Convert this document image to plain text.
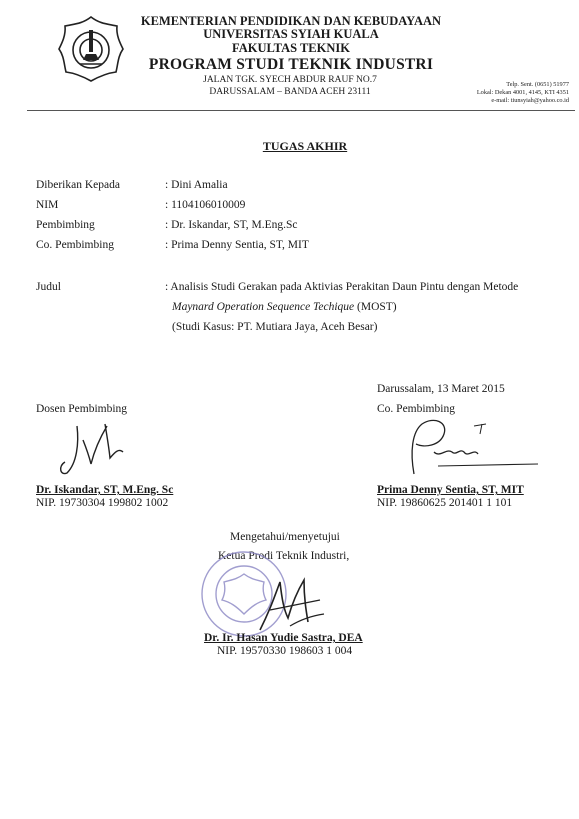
KEMENTERIAN PENDIDIKAN DAN KEBUDAYAAN
UNIVERSITAS SYIAH KUALA
FAKULTAS TEKNIK
PROGRAM STUDI TEKNIK INDUSTRI
JALAN TGK. SYECH ABDUR RAUF NO.7
DARUSSALAM – BANDA ACEH 23111
Telp. Sent. (0651) 51977
Lokal: Dekan 4001, 4145, KTI 4351
e-mail: tiunsyiah@yahoo.co.id
TUGAS AKHIR
Diberikan Kepada	: Dini Amalia
NIM	: 1104106010009
Pembimbing	: Dr. Iskandar, ST, M.Eng.Sc
Co. Pembimbing	: Prima Denny Sentia, ST, MIT
Judul	: Analisis Studi Gerakan pada Aktivias Perakitan Daun Pintu dengan Metode
Maynard Operation Sequence Techique (MOST)
(Studi Kasus: PT. Mutiara Jaya, Aceh Besar)
Darussalam, 13 Maret 2015
Dosen Pembimbing	Co. Pembimbing
Dr. Iskandar, ST, M.Eng. Sc
NIP. 19730304 199802 1002
Prima Denny Sentia, ST, MIT
NIP. 19860625 201401 1 101
Mengetahui/menyetujui
Ketua Prodi Teknik Industri,
Dr. Ir. Hasan Yudie Sastra, DEA
NIP. 19570330 198603 1 004
